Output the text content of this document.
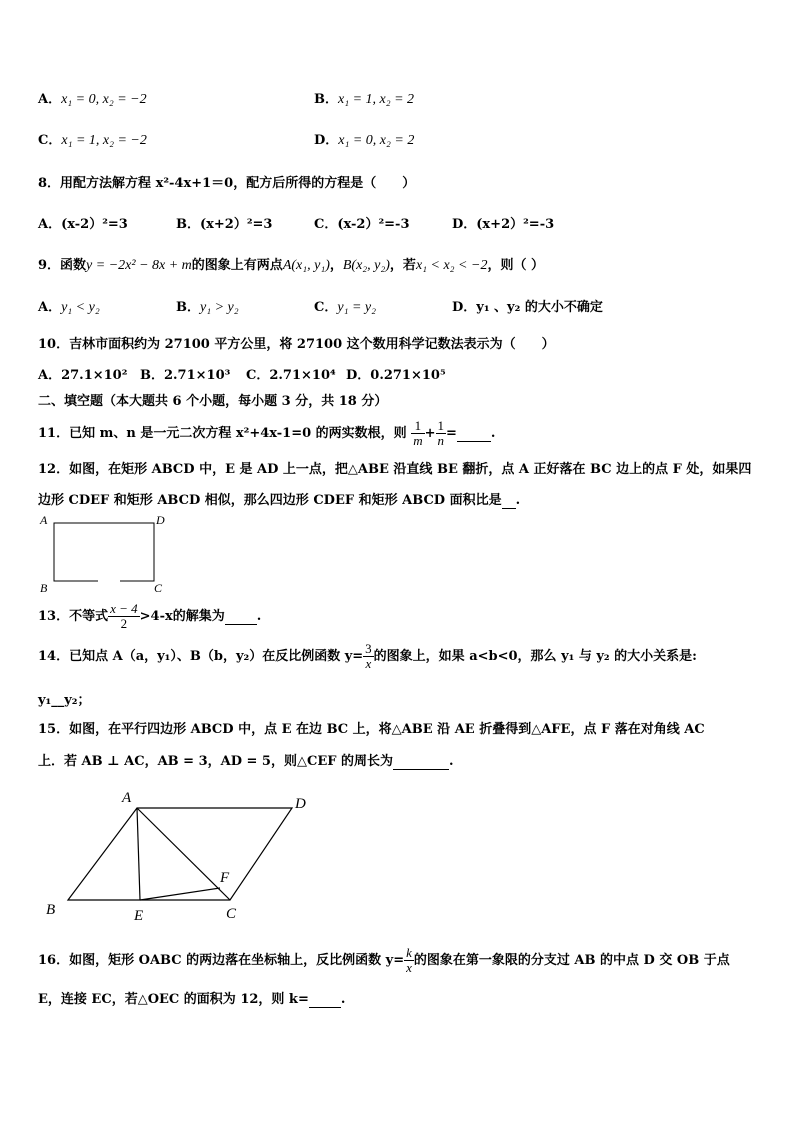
A．x₁ = 0, x₂ = −2	B．x₁ = 1, x₂ = 2
C．x₁ = 1, x₂ = −2	D．x₁ = 0, x₂ = 2
8．用配方法解方程 x²-4x+1＝0，配方后所得的方程是（　　）
A．(x-2）²=3	B．(x+2）²=3	C．(x-2）²=-3	D．(x+2）²=-3
9．函数y = −2x² − 8x + m的图象上有两点A(x₁, y₁)，B(x₂, y₂)，若x₁ < x₂ < −2，则（ ）
A．y₁ < y₂	B．y₁ > y₂	C．y₁ = y₂	D．y₁ 、y₂ 的大小不确定
10．吉林市面积约为 27100 平方公里，将 27100 这个数用科学记数法表示为（　　）
A．27.1×10² B．2.71×10³ C．2.71×10⁴ D．0.271×10⁵
二、填空题（本大题共 6 个小题，每小题 3 分，共 18 分）
11．已知 m、n 是一元二次方程 x²+4x-1=0 的两实数根，则 $\frac{1}{m} + \frac{1}{n}$ =	.
12．如图，在矩形 ABCD 中，E 是 AD 上一点，把△ABE 沿直线 BE 翻折，点 A 正好落在 BC 边上的点 F 处，如果四
边形 CDEF 和矩形 ABCD 相似，那么四边形 CDEF 和矩形 ABCD 面积比是 .
A	D
B	C
13．不等式 $\frac{x - 4}{2} >4-x$的解集为 .
14．已知点 A（a，y₁）、B（b，y₂）在反比例函数 $y= \frac{3}{x}$ 的图象上，如果 a<b<0，那么 y₁ 与 y₂ 的大小关系是:
y₁__y₂；
15．如图，在平行四边形 ABCD 中，点 E 在边 BC 上，将△ABE 沿 AE 折叠得到△AFE，点 F 落在对角线 AC
上．若 AB ⊥ AC，AB = 3，AD = 5，则△CEF 的周长为	.
A	D
B	E	C
F
16．如图，矩形 OABC 的两边落在坐标轴上，反比例函数 $y= \frac{k}{x}$ 的图象在第一象限的分支过 AB 的中点 D 交 OB 于点
E，连接 EC，若△OEC 的面积为 12，则 k= .
